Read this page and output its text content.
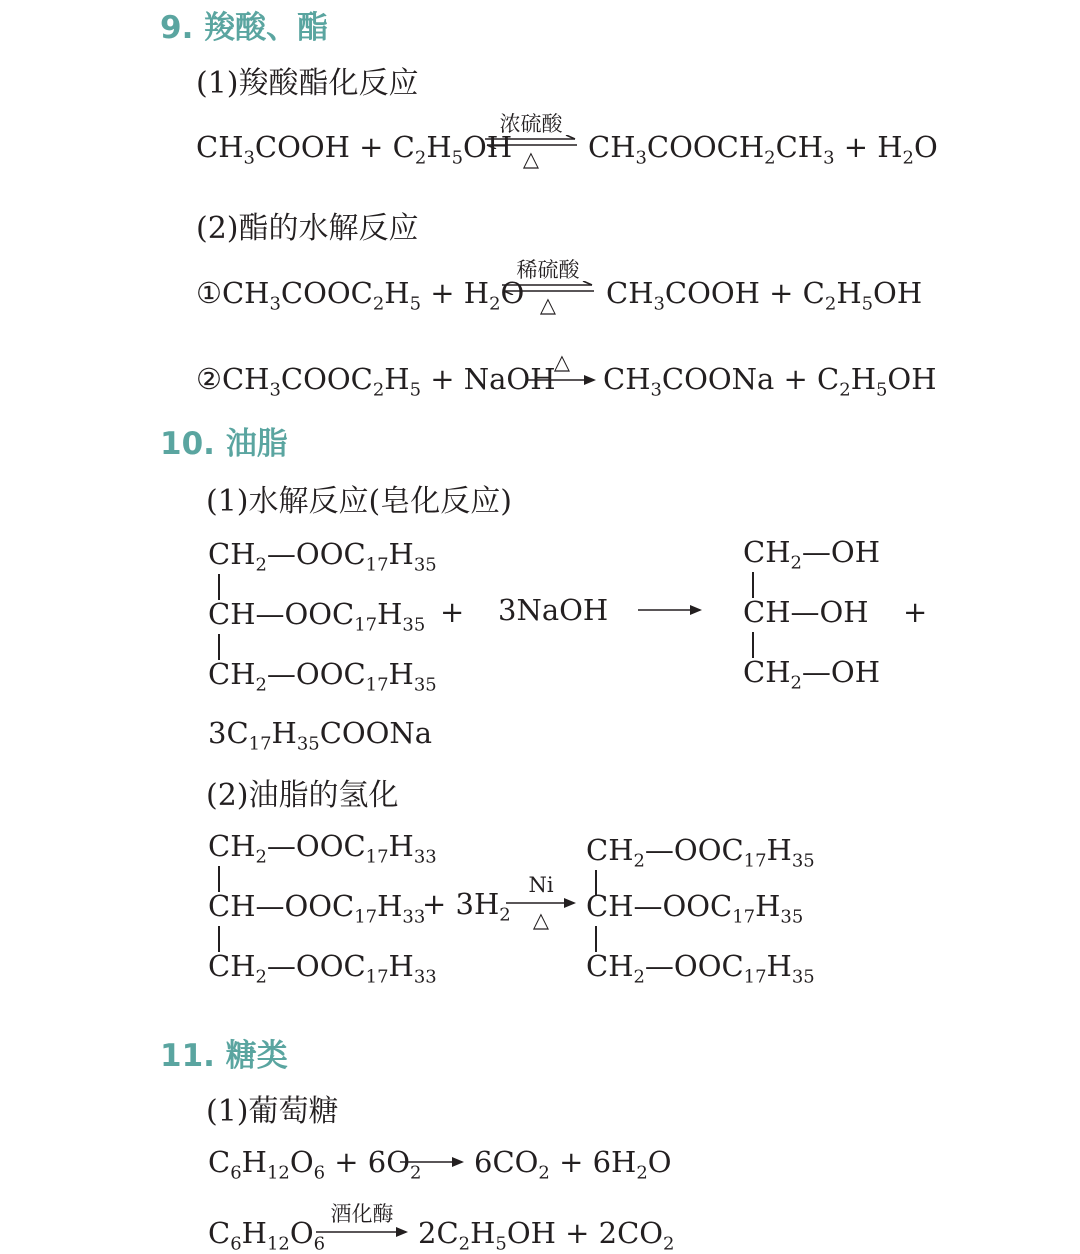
9. 羧酸、酯
(1)羧酸酯化反应
$CH_3COOH + C_2H_5OH$
浓硫酸
△	$CH_3COOCH_2CH_3 + H_2O$
(2)酯的水解反应
$①CH_3COOC_2H_5 + H_2O$
稀硫酸
△	$CH_3COOH + C_2H_5OH$
$②CH_3COOC_2H_5$ + NaOH
△	$CH_3COONa + C_2H_5OH$
10. 油脂
(1)水解反应(皂化反应)
$CH_2—OOC_{17}H_{35}$
$CH—OOC_{17}H_{35}$
$CH_2—OOC_{17}H_{35}$
+ 3NaOH
$CH_2—OH$
CH—OH
$CH_2—OH$
+
$3C_{17}H_{35}COONa$
(2)油脂的氢化
$CH_2—OOC_{17}H_{33}$
$CH—OOC_{17}H_{33}$
$CH_2—OOC_{17}H_{33}$
+ $3H_2$
Ni
△
$CH_2—OOC_{17}H_{35}$
$CH—OOC_{17}H_{35}$
$CH_2—OOC_{17}H_{35}$
11. 糖类
(1)葡萄糖
$C_6H_{12}O_6 + 6O_2$ $6CO_2 + 6H_2O$
$C_6H_{12}O_6$
酒化酶
$2C_2H_5OH + 2CO_2$
